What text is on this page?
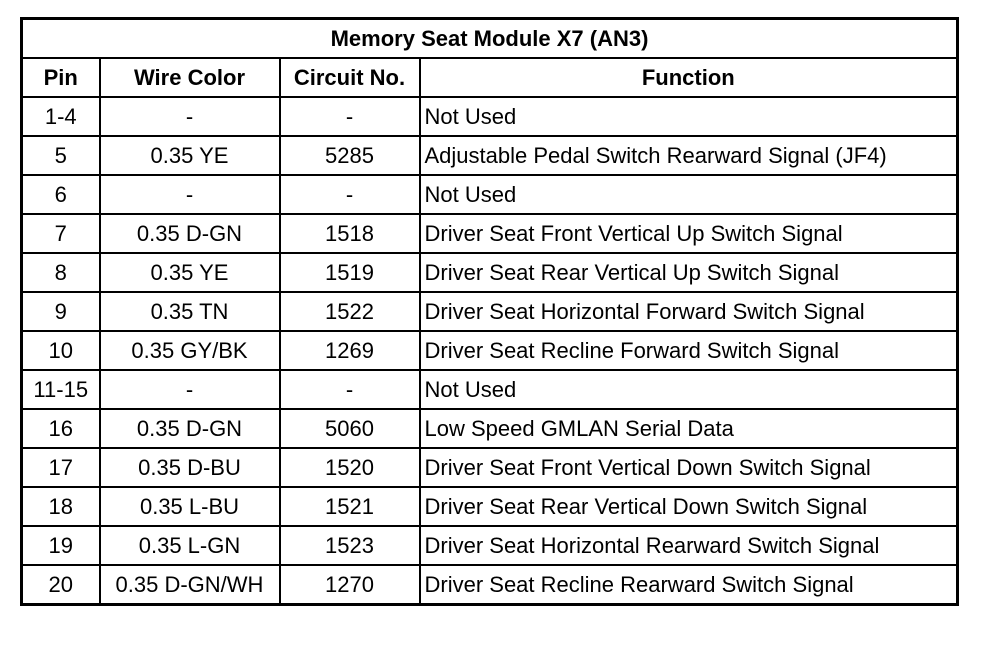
Memory Seat Module X7 (AN3)			
Pin	Wire Color	Circuit No.	Function
1-4	-	-	Not Used
5	0.35 YE	5285	Adjustable Pedal Switch Rearward Signal (JF4)
6	-	-	Not Used
7	0.35 D-GN	1518	Driver Seat Front Vertical Up Switch Signal
8	0.35 YE	1519	Driver Seat Rear Vertical Up Switch Signal
9	0.35 TN	1522	Driver Seat Horizontal Forward Switch Signal
10	0.35 GY/BK	1269	Driver Seat Recline Forward Switch Signal
11-15	-	-	Not Used
16	0.35 D-GN	5060	Low Speed GMLAN Serial Data
17	0.35 D-BU	1520	Driver Seat Front Vertical Down Switch Signal
18	0.35 L-BU	1521	Driver Seat Rear Vertical Down Switch Signal
19	0.35 L-GN	1523	Driver Seat Horizontal Rearward Switch Signal
20	0.35 D-GN/WH	1270	Driver Seat Recline Rearward Switch Signal
